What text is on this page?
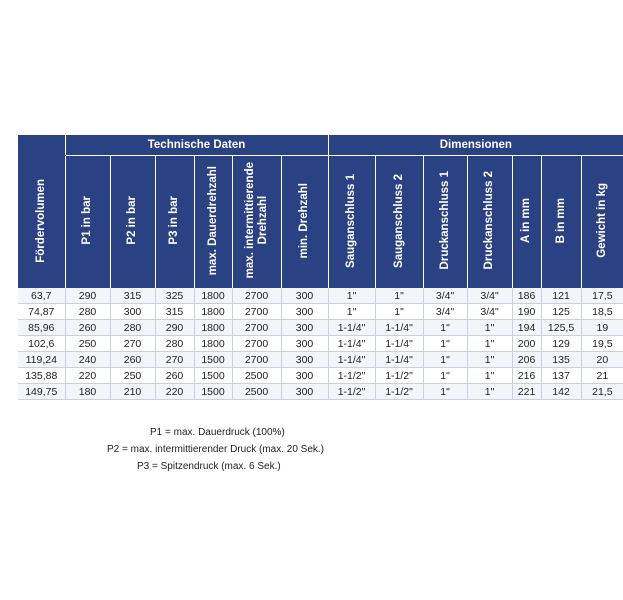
	Technische Daten						Dimensionen						
Fördervolumen	P1 in bar	P2 in bar	P3 in bar	max. Dauerdrehzahl	max. intermittierende
Drehzahl	min. Drehzahl	Sauganschluss 1	Sauganschluss 2	Druckanschluss 1	Druckanschluss 2	A in mm	B in mm	Gewicht in kg
63,7	290	315	325	1800	2700	300	1"	1"	3/4"	3/4"	186	121	17,5
74,87	280	300	315	1800	2700	300	1"	1"	3/4"	3/4"	190	125	18,5
85,96	260	280	290	1800	2700	300	1-1/4"	1-1/4"	1"	1"	194	125,5	19
102,6	250	270	280	1800	2700	300	1-1/4"	1-1/4"	1"	1"	200	129	19,5
119,24	240	260	270	1500	2700	300	1-1/4"	1-1/4"	1"	1"	206	135	20
135,88	220	250	260	1500	2500	300	1-1/2"	1-1/2"	1"	1"	216	137	21
149,75	180	210	220	1500	2500	300	1-1/2"	1-1/2"	1"	1"	221	142	21,5

P1 = max. Dauerdruck (100%)

P2 = max. intermittierender Druck (max. 20 Sek.)

P3 = Spitzendruck (max. 6 Sek.)
